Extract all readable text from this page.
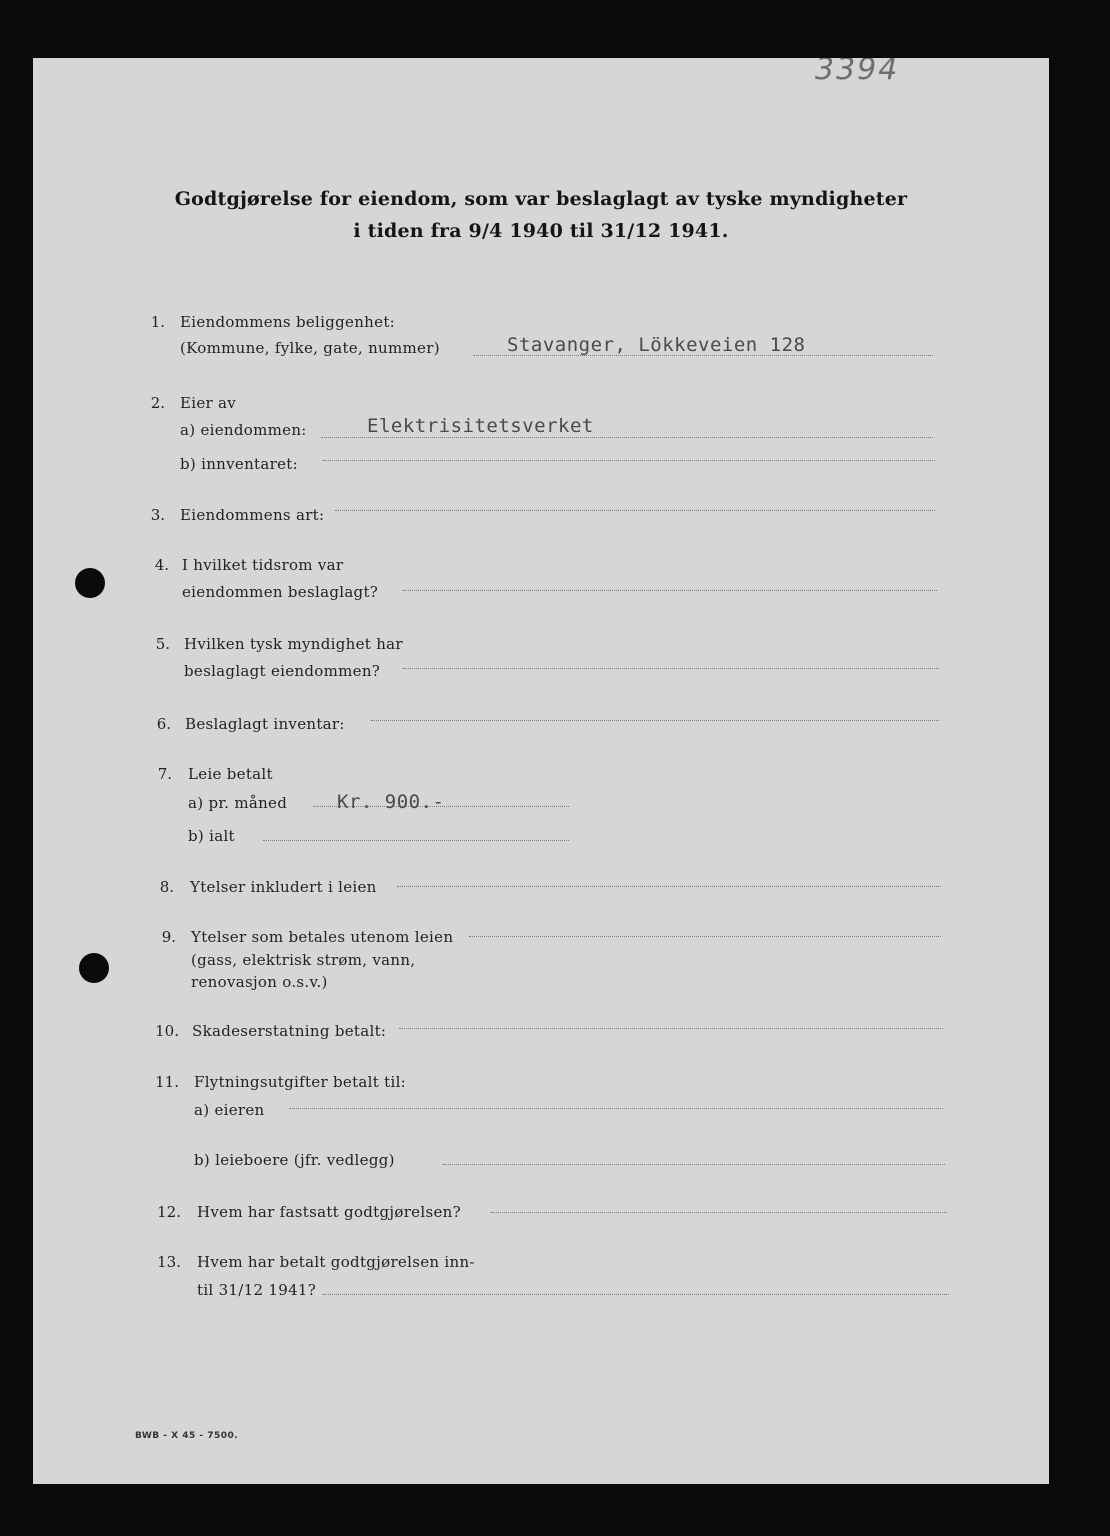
3394
Godtgjørelse for eiendom, som var beslaglagt av tyske myndigheter
i tiden fra 9/4 1940 til 31/12 1941.
1. Eiendommens beliggenhet:
(Kommune, fylke, gate, nummer)	Stavanger, Lökkeveien 128
2. Eier av
a) eiendommen:	Elektrisitetsverket
b) innventaret:
3. Eiendommens art:
4. I hvilket tidsrom var
eiendommen beslaglagt?
5. Hvilken tysk myndighet har
beslaglagt eiendommen?
6. Beslaglagt inventar:
7. Leie betalt
a) pr. måned	Kr. 900.-
b) ialt
8. Ytelser inkludert i leien
9. Ytelser som betales utenom leien
(gass, elektrisk strøm, vann,
renovasjon o.s.v.)
10. Skadeserstatning betalt:
11. Flytningsutgifter betalt til:
a) eieren
b) leieboere (jfr. vedlegg)
12. Hvem har fastsatt godtgjørelsen?
13. Hvem har betalt godtgjørelsen inn-
til 31/12 1941?
BWB - X 45 - 7500.
